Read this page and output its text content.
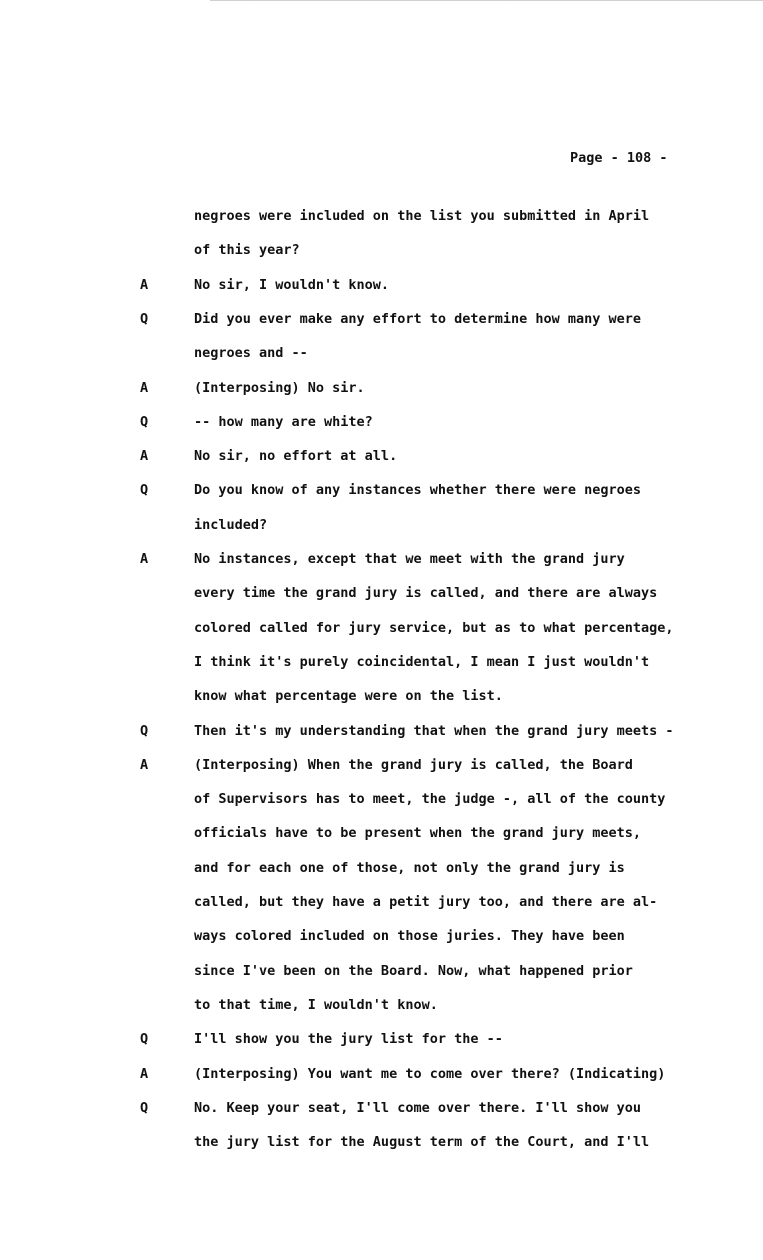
Page - 108 -
negroes were included on the list you submitted in April
of this year?
A	No sir, I wouldn't know.
Q	Did you ever make any effort to determine how many were
negroes and --
A	(Interposing) No sir.
Q	-- how many are white?
A	No sir, no effort at all.
Q	Do you know of any instances whether there were negroes
included?
A	No instances, except that we meet with the grand jury
every time the grand jury is called, and there are always
colored called for jury service, but as to what percentage,
I think it's purely coincidental, I mean I just wouldn't
know what percentage were on the list.
Q	Then it's my understanding that when the grand jury meets -
A	(Interposing) When the grand jury is called, the Board
of Supervisors has to meet, the judge -, all of the county
officials have to be present when the grand jury meets,
and for each one of those, not only the grand jury is
called, but they have a petit jury too, and there are al-
ways colored included on those juries. They have been
since I've been on the Board. Now, what happened prior
to that time, I wouldn't know.
Q	I'll show you the jury list for the --
A	(Interposing) You want me to come over there? (Indicating)
Q	No. Keep your seat, I'll come over there. I'll show you
the jury list for the August term of the Court, and I'll
